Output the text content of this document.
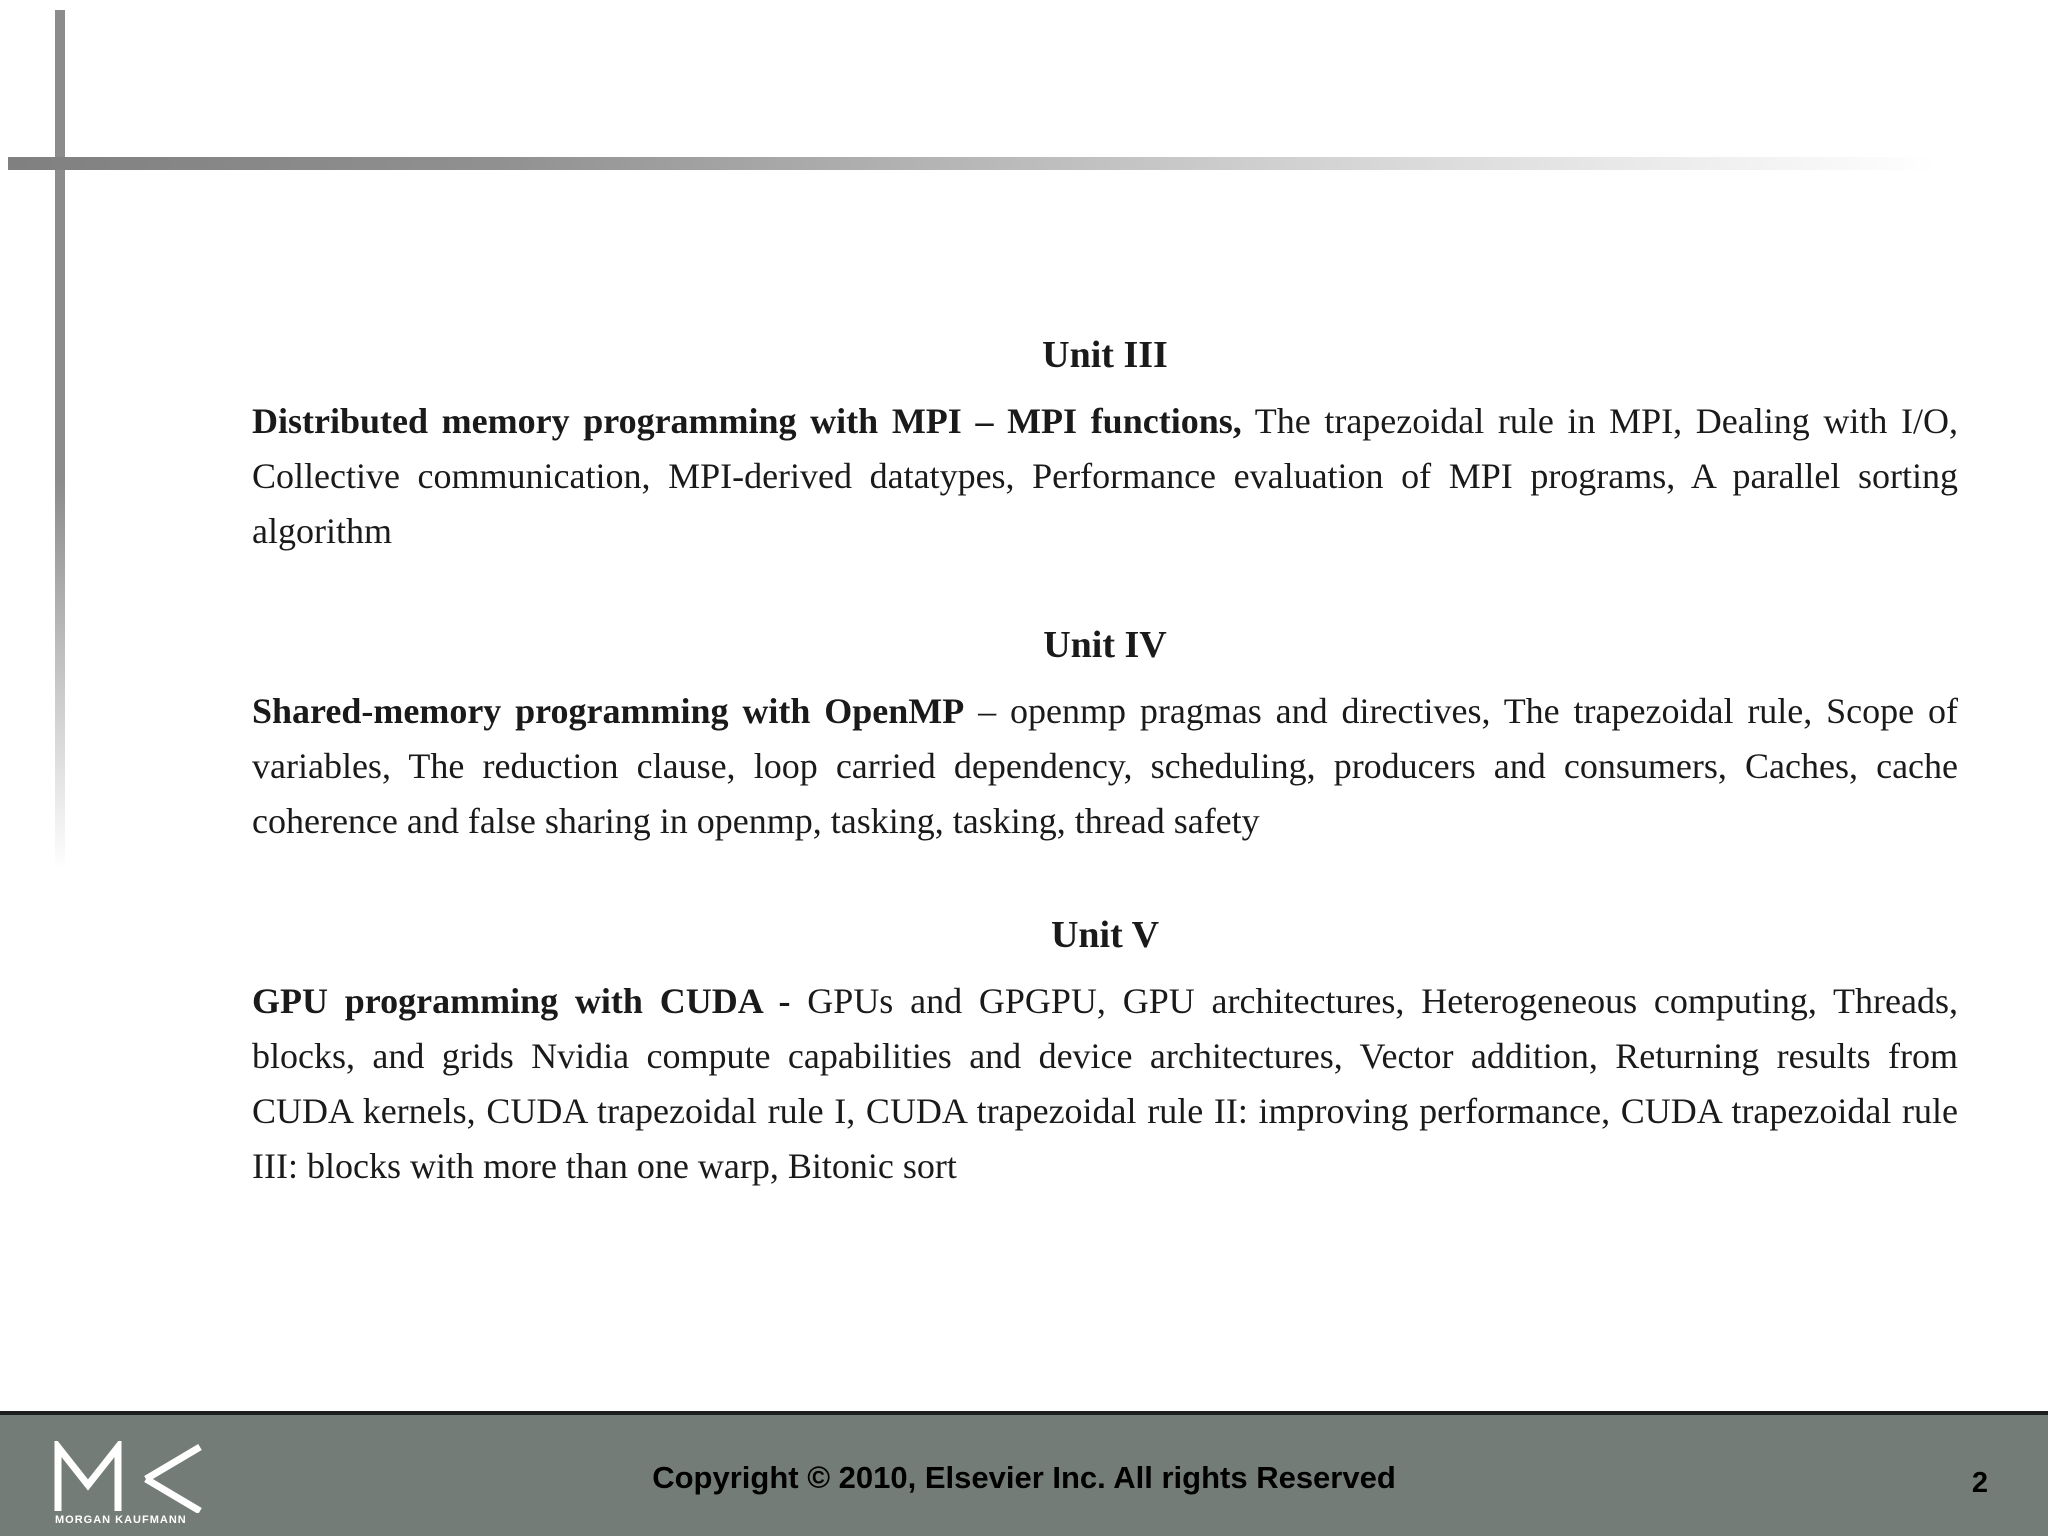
Unit III

Distributed memory programming with MPI – MPI functions, The trapezoidal rule in MPI, Dealing with I/O, Collective communication, MPI-derived datatypes, Performance evaluation of MPI programs, A parallel sorting algorithm

Unit IV

Shared-memory programming with OpenMP – openmp pragmas and directives, The trapezoidal rule, Scope of variables, The reduction clause, loop carried dependency, scheduling, producers and consumers, Caches, cache coherence and false sharing in openmp, tasking, tasking, thread safety

Unit V

GPU programming with CUDA - GPUs and GPGPU, GPU architectures, Heterogeneous computing, Threads, blocks, and grids Nvidia compute capabilities and device architectures, Vector addition, Returning results from CUDA kernels, CUDA trapezoidal rule I, CUDA trapezoidal rule II: improving performance, CUDA trapezoidal rule III: blocks with more than one warp, Bitonic sort

MORGAN KAUFMANN
Copyright © 2010, Elsevier Inc. All rights Reserved	2
